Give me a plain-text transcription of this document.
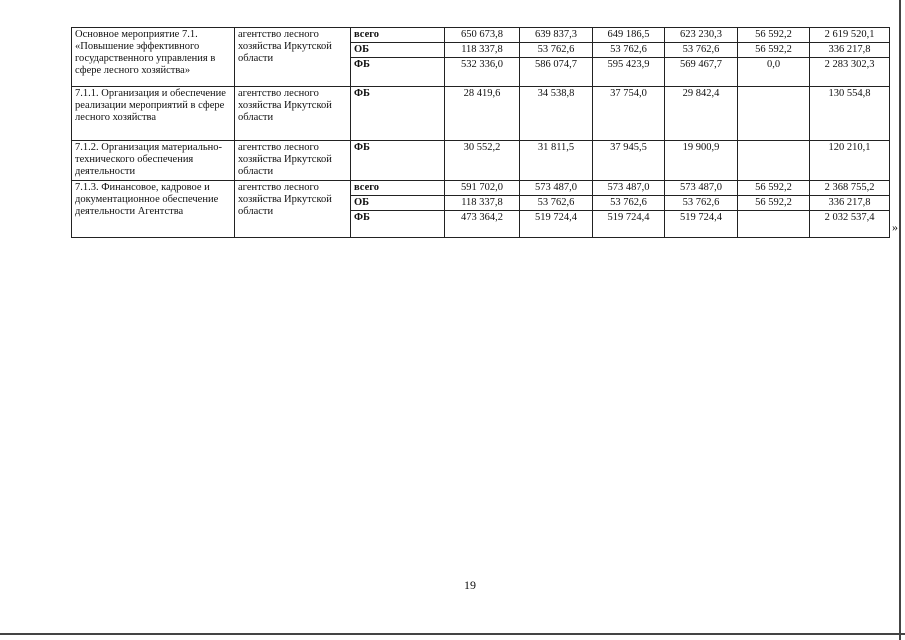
Основное мероприятие 7.1. «Повышение эффективного государственного управления в сфере лесного хозяйства»	агентство лесного хозяйства Иркутской области	всего	650 673,8	639 837,3	649 186,5	623 230,3	56 592,2	2 619 520,1
		ОБ	118 337,8	53 762,6	53 762,6	53 762,6	56 592,2	336 217,8
		ФБ	532 336,0	586 074,7	595 423,9	569 467,7	0,0	2 283 302,3
7.1.1. Организация и обеспечение реализации мероприятий в сфере лесного хозяйства	агентство лесного хозяйства Иркутской области	ФБ	28 419,6	34 538,8	37 754,0	29 842,4		130 554,8
7.1.2. Организация материально-технического обеспечения деятельности	агентство лесного хозяйства Иркутской области	ФБ	30 552,2	31 811,5	37 945,5	19 900,9		120 210,1
7.1.3. Финансовое, кадровое и документационное обеспечение деятельности Агентства	агентство лесного хозяйства Иркутской области	всего	591 702,0	573 487,0	573 487,0	573 487,0	56 592,2	2 368 755,2
		ОБ	118 337,8	53 762,6	53 762,6	53 762,6	56 592,2	336 217,8
		ФБ	473 364,2	519 724,4	519 724,4	519 724,4		2 032 537,4
»
19
